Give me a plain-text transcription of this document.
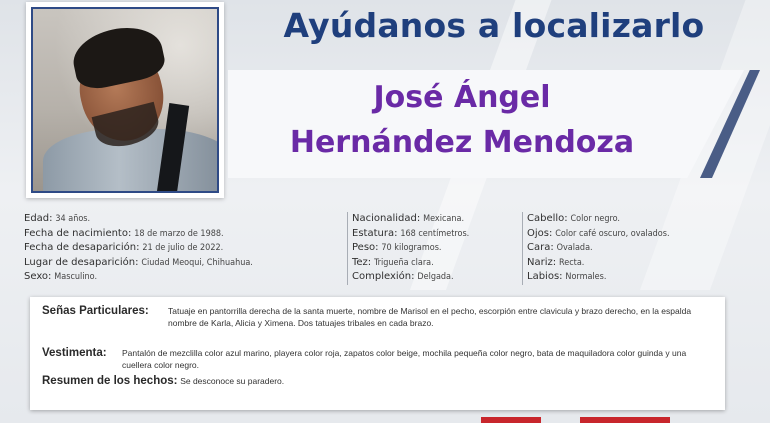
Ayúdanos a localizarlo
José Ángel
Hernández Mendoza
Edad: 34 años.
Fecha de nacimiento: 18 de marzo de 1988.
Fecha de desaparición: 21 de julio de 2022.
Lugar de desaparición: Ciudad Meoqui, Chihuahua.
Sexo: Masculino.
Nacionalidad: Mexicana.
Estatura: 168 centímetros.
Peso: 70 kilogramos.
Tez: Trigueña clara.
Complexión: Delgada.
Cabello: Color negro.
Ojos: Color café oscuro, ovalados.
Cara: Ovalada.
Nariz: Recta.
Labios: Normales.
Señas Particulares:	Tatuaje en pantorrilla derecha de la santa muerte, nombre de Marisol en el pecho, escorpión entre clavicula y brazo derecho, en la espalda nombre de Karla, Alicia y Ximena. Dos tatuajes tribales en cada brazo.
Vestimenta:	Pantalón de mezclilla color azul marino, playera color roja, zapatos color beige, mochila pequeña color negro, bata de maquiladora color guinda y una cuellera color negro.
Resumen de los hechos: Se desconoce su paradero.
